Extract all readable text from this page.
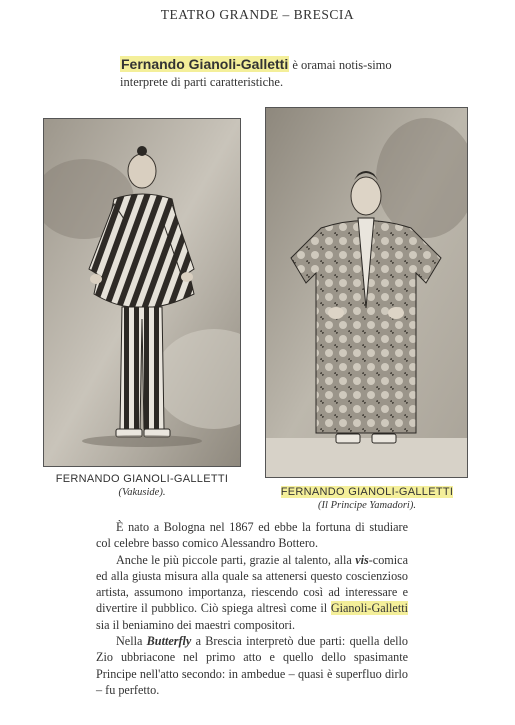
TEATRO GRANDE – BRESCIA
Fernando Gianoli-Galletti è oramai notis-simo interprete di parti caratteristiche.
FERNANDO GIANOLI-GALLETTI
(Vakuside).	FERNANDO GIANOLI-GALLETTI
(Il Principe Yamadori).

È nato a Bologna nel 1867 ed ebbe la fortuna di studiare col celebre basso comico Alessandro Bottero.

Anche le più piccole parti, grazie al talento, alla vis-comica ed alla giusta misura alla quale sa attenersi questo coscienzioso artista, assumono importanza, riescendo così ad interessare e divertire il pubblico. Ciò spiega altresì come il Gianoli-Galletti sia il beniamino dei maestri compositori.

Nella Butterfly a Brescia interpretò due parti: quella dello Zio ubbriacone nel primo atto e quello dello spasimante Principe nell'atto secondo: in ambedue – quasi è superfluo dirlo – fu perfetto.
